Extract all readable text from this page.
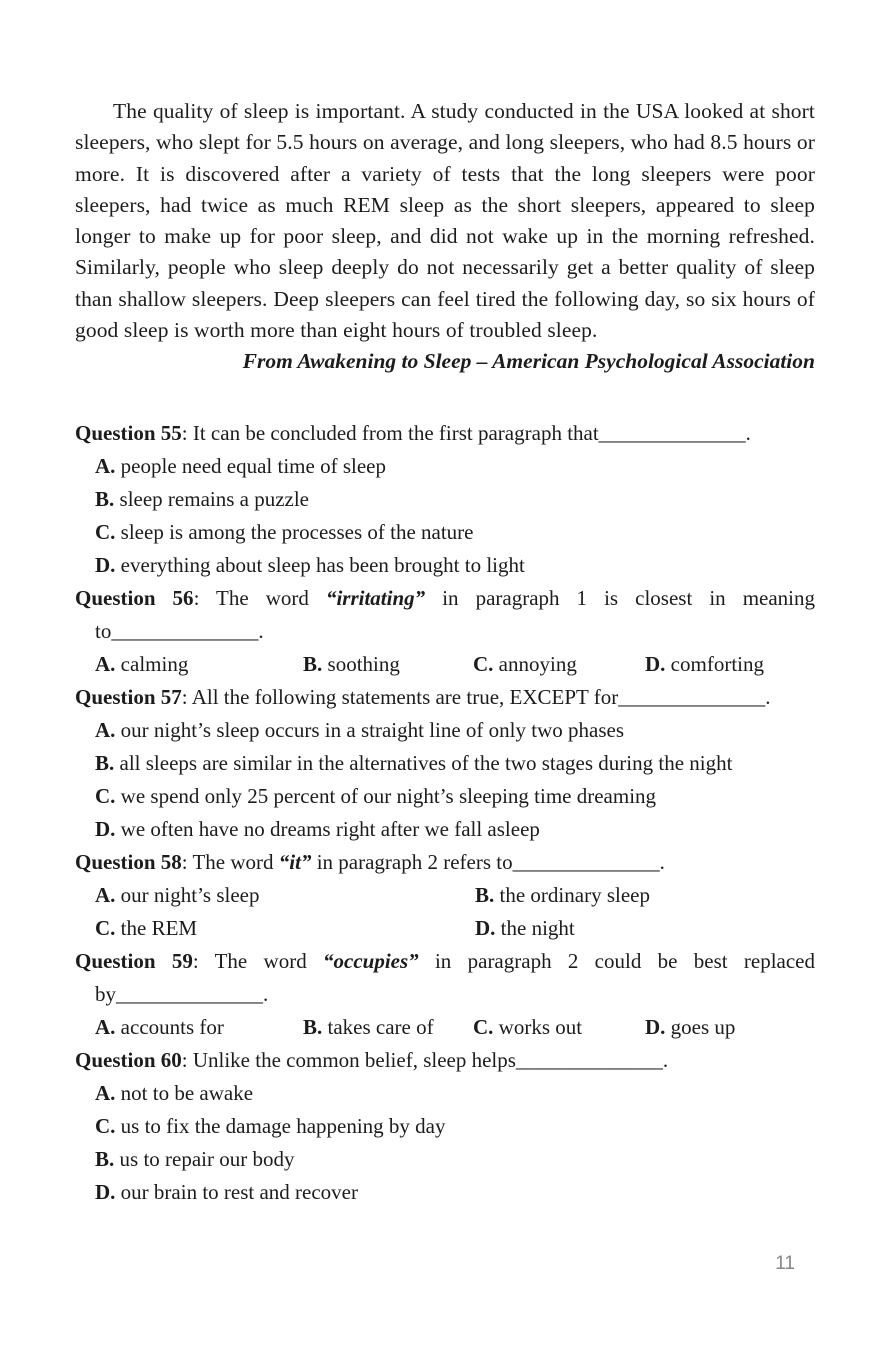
The quality of sleep is important. A study conducted in the USA looked at short sleepers, who slept for 5.5 hours on average, and long sleepers, who had 8.5 hours or more. It is discovered after a variety of tests that the long sleepers were poor sleepers, had twice as much REM sleep as the short sleepers, appeared to sleep longer to make up for poor sleep, and did not wake up in the morning refreshed. Similarly, people who sleep deeply do not necessarily get a better quality of sleep than shallow sleepers. Deep sleepers can feel tired the following day, so six hours of good sleep is worth more than eight hours of troubled sleep.
From Awakening to Sleep – American Psychological Association
Question 55: It can be concluded from the first paragraph that______________.
A. people need equal time of sleep
B. sleep remains a puzzle
C. sleep is among the processes of the nature
D. everything about sleep has been brought to light
Question 56: The word “irritating” in paragraph 1 is closest in meaning to______________.
A. calming	B. soothing	C. annoying	D. comforting
Question 57: All the following statements are true, EXCEPT for______________.
A. our night’s sleep occurs in a straight line of only two phases
B. all sleeps are similar in the alternatives of the two stages during the night
C. we spend only 25 percent of our night’s sleeping time dreaming
D. we often have no dreams right after we fall asleep
Question 58: The word “it” in paragraph 2 refers to______________.
A. our night’s sleep	B. the ordinary sleep
C. the REM	D. the night
Question 59: The word “occupies” in paragraph 2 could be best replaced by______________.
A. accounts for	B. takes care of	C. works out	D. goes up
Question 60: Unlike the common belief, sleep helps______________.
A. not to be awake
C. us to fix the damage happening by day
B. us to repair our body
D. our brain to rest and recover
11
